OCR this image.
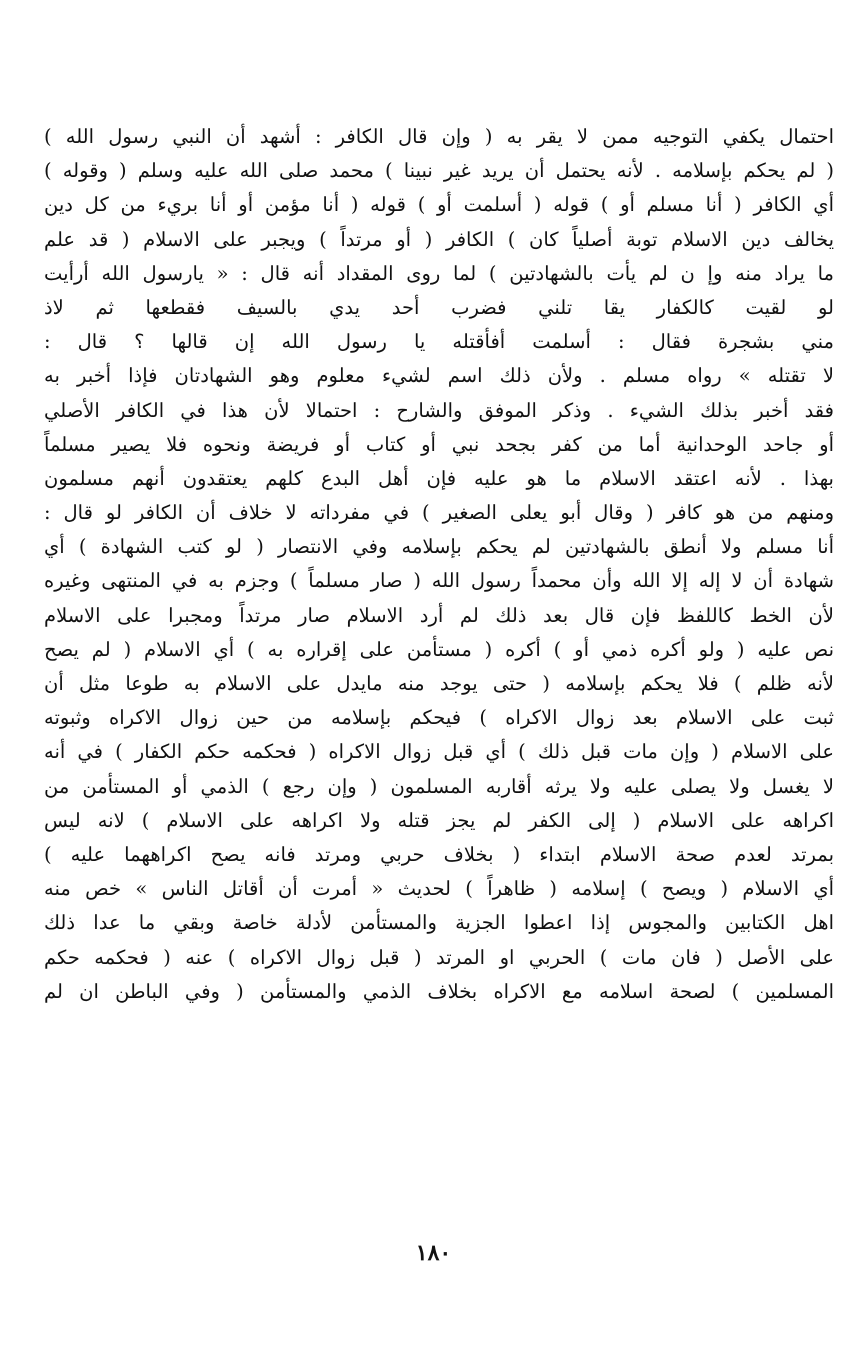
احتمال يكفي التوجيه ممن لا يقر به ( وإن قال الكافر : أشهد أن النبي رسول الله )
( لم يحكم بإسلامه . لأنه يحتمل أن يريد غير نبينا ) محمد صلى الله عليه وسلم ( وقوله )
أي الكافر ( أنا مسلم أو ) قوله ( أسلمت أو ) قوله ( أنا مؤمن أو أنا بريء من كل دين
يخالف دين الاسلام توبة أصلياً كان ) الكافر ( أو مرتداً ) ويجبر على الاسلام ( قد علم
ما يراد منه وإ ن لم يأت بالشهادتين ) لما روى المقداد أنه قال : « يارسول الله أرأيت
لو لقيت كالكفار يقا تلني فضرب أحد يدي بالسيف فقطعها ثم لاذ
مني بشجرة فقال : أسلمت أفأقتله يا رسول الله إن قالها ؟ قال :
لا تقتله » رواه مسلم . ولأن ذلك اسم لشيء معلوم وهو الشهادتان فإذا أخبر به
فقد أخبر بذلك الشيء . وذكر الموفق والشارح : احتمالا لأن هذا في الكافر الأصلي
أو جاحد الوحدانية أما من كفر بجحد نبي أو كتاب أو فريضة ونحوه فلا يصير مسلماً
بهذا . لأنه اعتقد الاسلام ما هو عليه فإن أهل البدع كلهم يعتقدون أنهم مسلمون
ومنهم من هو كافر ( وقال أبو يعلى الصغير ) في مفرداته لا خلاف أن الكافر لو قال :
أنا مسلم ولا أنطق بالشهادتين لم يحكم بإسلامه وفي الانتصار ( لو كتب الشهادة ) أي
شهادة أن لا إله إلا الله وأن محمداً رسول الله ( صار مسلماً ) وجزم به في المنتهى وغيره
لأن الخط كاللفظ فإن قال بعد ذلك لم أرد الاسلام صار مرتداً ومجبرا على الاسلام
نص عليه ( ولو أكره ذمي أو ) أكره ( مستأمن على إقراره به ) أي الاسلام ( لم يصح
لأنه ظلم ) فلا يحكم بإسلامه ( حتى يوجد منه مايدل على الاسلام به طوعا مثل أن
ثبت على الاسلام بعد زوال الاكراه ) فيحكم بإسلامه من حين زوال الاكراه وثبوته
على الاسلام ( وإن مات قبل ذلك ) أي قبل زوال الاكراه ( فحكمه حكم الكفار ) في أنه
لا يغسل ولا يصلى عليه ولا يرثه أقاربه المسلمون ( وإن رجع ) الذمي أو المستأمن من
اكراهه على الاسلام ( إلى الكفر لم يجز قتله ولا اكراهه على الاسلام ) لانه ليس
بمرتد لعدم صحة الاسلام ابتداء ( بخلاف حربي ومرتد فانه يصح اكراههما عليه )
أي الاسلام ( ويصح ) إسلامه ( ظاهراً ) لحديث « أمرت أن أقاتل الناس » خص منه
اهل الكتابين والمجوس إذا اعطوا الجزية والمستأمن لأدلة خاصة وبقي ما عدا ذلك
على الأصل ( فان مات ) الحربي او المرتد ( قبل زوال الاكراه ) عنه ( فحكمه حكم
المسلمين ) لصحة اسلامه مع الاكراه بخلاف الذمي والمستأمن ( وفي الباطن ان لم
١٨٠
